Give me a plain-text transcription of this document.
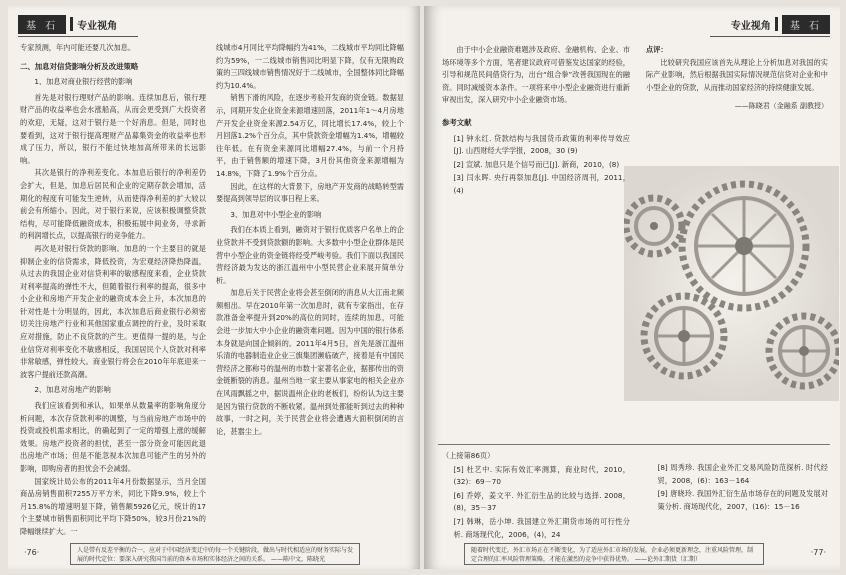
基 石	专业视角

专家预测，年内可能还要几次加息。

二、加息对信贷影响分析及改进策略
1、加息对商业银行经营的影响

首先是对银行理财产品的影响。连续加息后，银行理财产品的收益率也会水涨船高，从而会更受到广大投资者的欢迎，无疑，这对于银行是一个好消息。但是，同时也要看到，这对于银行提高理财产品募集资金的收益率也形成了压力，所以，银行不能过快地加高所带来的长远影响。

其次是银行的净利差变化。本加息后银行的净利差仍会扩大，但是，加息后居民和企业的定期存款会增加，活期化的程度有可能发生逆转，从而使得净利差的扩大较以前会有所缩小。因此，对于银行来说，应该积极调整贷款结构，尽可能降低融资成本，积极拓展中间业务，寻求新的利润增长点，以提高银行的竞争能力。

再次是对银行贷款的影响。加息的一个主要目的就是抑制企业的信贷需求，降低投资，为宏观经济降热降温，从过去的我国企业对信贷利率的敏感程度来看，企业贷款对利率提高的弹性不大，但随着银行利率的提高，很多中小企业和房地产开发企业的融资成本会上升，本次加息的针对性是十分明显的，因此，本次加息后商业银行必须密切关注房地产行业和其他国家重点调控的行业，及时采取应对措施，防止不良贷款的产生。更值得一提的是，与企业信贷对利率变化不敏感相反，我国居民个人贷款对利率非常敏感，弹性较大。商业银行将会在2010年年底迎来一波客户提前还款高潮。

2、加息对房地产的影响

我们应该看到和承认，如果单从数量率的影响角度分析问题，本次存贷款利率的调整，与当前房地产市场中的投资或投机需求相比，的确起到了一定的增强上涨的缓解效果。房地产投资者的担忧，甚至一部分资金可能因此退出房地产市场；但是不能忽视本次加息可能产生的另外的影响，即购房者的担忧会不会减弱。

国家统计局公布的2011年4月份数据显示，当月全国商品房销售面积7255万平方米，同比下降9.9%，较上个月15.8%的增速明显下降，销售额5926亿元，统计的17个主要城市销售面积同比平均下降50%，较3月份21%的降幅继续扩大。一

线城市4月同比平均降幅约为41%，二线城市平均同比降幅约为59%，一二线城市销售同比明显下降，仅有无限购政策的三四线城市销售情况好于二线城市，全国整体同比降幅约为10.4%。

销售下滑的风险，在逐步考验开发商的资金链。数据显示，同期开发企业资金来源增速回落，2011年1～4月房地产开发企业资金来源2.54万亿，同比增长17.4%，较上个月回落1.2%个百分点，其中贷款资金增幅为1.4%，增幅较往年低。在有资金来源同比增幅27.4%，与前一个月持平，由于销售额的增速下降，3月份其他资金来源增幅为14.8%，下降了1.9%个百分点。

因此，在这样的大背景下，房地产开发商的战略转型需要提高到领导层的议事日程上来。

3、加息对中小型企业的影响

我们在本质上看到，融资对于银行优质客户名单上的企业贷款并不受到贷款额的影响。大多数中小型企业群体是民营中小型企业的资金链将经受严峻考验。我们下面以我国民营经济最为发达的浙江温州中小型民营企业来展开简单分析。

加息后关于民营企业将会甚至倒闭的消息从大江南北频频相出。早在2010年第一次加息时，就有专家指出，在存款准备金率提升到20%的高位的同时，连续的加息，可能会进一步加大中小企业的融资难问题。因为中国的银行体系本身就是向国企倾斜的。2011年4月5日，首先是浙江温州乐清的电器制造业企业三旗集团濒临破产，接着是有中国民营经济之都称号的温州的市数十家著名企业，据都传出的资金链断裂的消息。温州当地一家主要从事家电的相关企业亦在风雨飘摇之中，据说温州企业的老板们，纷纷认为这主要是因为银行贷款的不断收紧。温州到处都能听到过去的种种故事，一时之间，关于民营企业将会遭遇大面积倒闭的言论，甚嚣尘上。

人是带有反差平衡的合一，应对于中国经济变迁中的每一个关键阶段，做出与时代相适应的财务实际与发展的时代定位：要深入研究我国当前的资本市场和实体经济之间的关系。 ——陈中文，陈晓光
·76·
专业视角	基 石

由于中小企业融资难题涉及政府、金融机构、企业、市场环境等多个方面，笔者建议政府可借鉴发达国家的经验，引导和规范民间借贷行为，出台“组合拳”改善我国现在的融资。同时减缓资本条件。一项将来中小型企业融资进行重新审视出发，深入研究中小企业融资市场。

参考文献

[1] 钟永红. 贷款结构与我国货币政策的利率传导效应[J]. 山西财经大学学报，2008，30 (9)

[2] 宣斌. 加息只是个信号而已[J]. 新商，2010，(8)

[3] 闫永晖. 央行再祭加息[J]. 中国经济周刊，2011，(4)

点评：

比较研究我国应该首先从理论上分析加息对我国的实际产业影响，然后根据我国实际情况规范信贷对企业和中小型企业的贷款，从而推动国家经济的持续健康发展。

——陈晓君（金融系 副教授）

（上接第86页）

[5] 杜艺中. 实际有效汇率测算，商业时代，2010，(32)：69－70

[6] 乔婷，姜文平. 外汇衍生品的比较与选择. 2008，(8)，35－37

[7] 韩琳，岳小坤. 我国建立外汇期货市场的可行性分析. 商场现代化，2006，(4)，24

[8] 周秀珍. 我国企业外汇交易风险防范探析. 时代经贸，2008，(6)：163－164

[9] 唐晓玲. 我国外汇衍生品市场存在的问题及发展对策分析. 商场现代化，2007，(16)：15－16

随着时代变迁，外汇市场正在不断变化，为了适应外汇市场的发展，企业必须更新理念，注重风险管理，制定合理的汇率风险管理策略，才能在激烈的竞争中获得优势。 ——论外汇期货（汇期）
·77·
